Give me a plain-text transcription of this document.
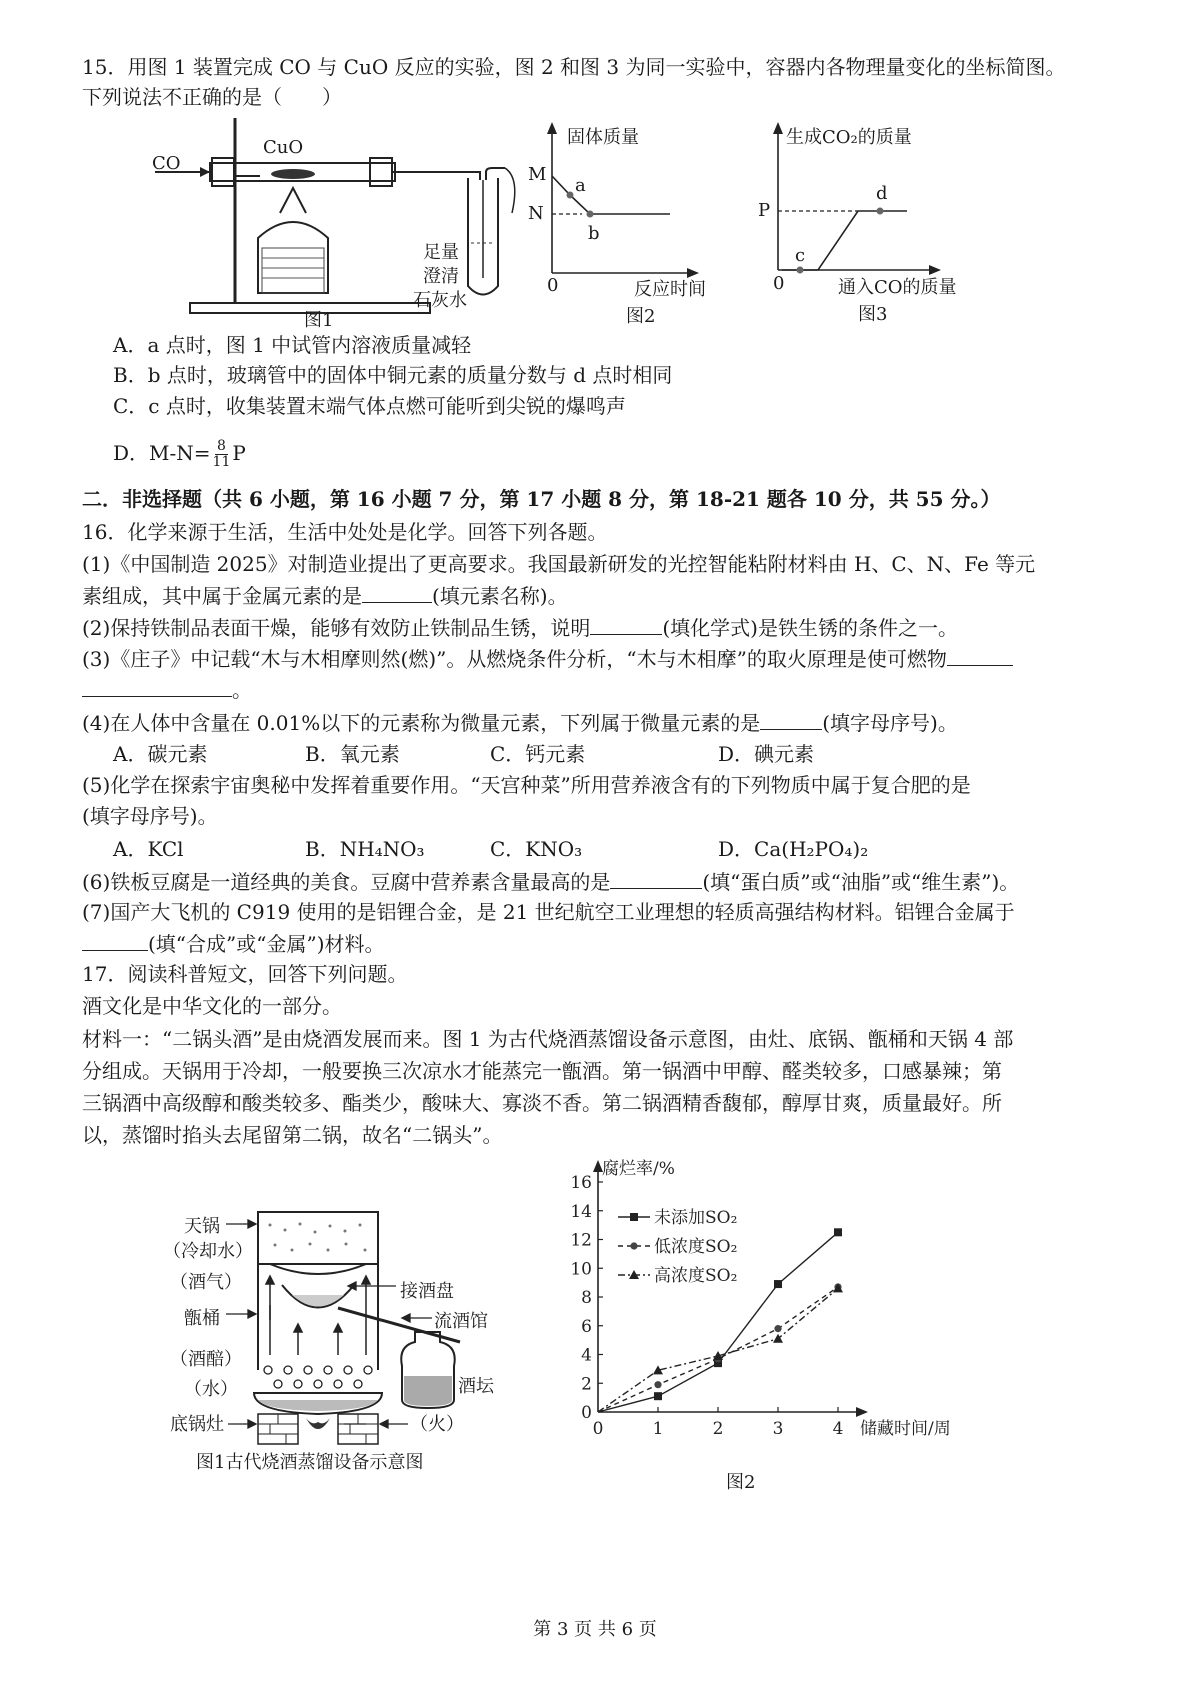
15．用图 1 装置完成 CO 与 CuO 反应的实验，图 2 和图 3 为同一实验中，容器内各物理量变化的坐标简图。
下列说法不正确的是（　　）
CO
CuO
足量
澄清
石灰水
图1
固体质量
M
N
a
b
0	反应时间
图2
生成CO₂的质量
P
c
d
0	通入CO的质量
图3
A．a 点时，图 1 中试管内溶液质量减轻
B．b 点时，玻璃管中的固体中铜元素的质量分数与 d 点时相同
C．c 点时，收集装置末端气体点燃可能听到尖锐的爆鸣声
D．$M-N= \frac{8}{11}$ P
二．非选择题（共 6 小题，第 16 小题 7 分，第 17 小题 8 分，第 18-21 题各 10 分，共 55 分。）
16．化学来源于生活，生活中处处是化学。回答下列各题。
(1)《中国制造 2025》对制造业提出了更高要求。我国最新研发的光控智能粘附材料由 H、C、N、Fe 等元
素组成，其中属于金属元素的是	(填元素名称)。
(2)保持铁制品表面干燥，能够有效防止铁制品生锈，说明	(填化学式)是铁生锈的条件之一。
(3)《庄子》中记载“木与木相摩则然(燃)”。从燃烧条件分析，“木与木相摩”的取火原理是使可燃物
。
(4)在人体中含量在 0.01%以下的元素称为微量元素，下列属于微量元素的是	(填字母序号)。
A．碳元素	B．氧元素	C．钙元素	D．碘元素
(5)化学在探索宇宙奥秘中发挥着重要作用。“天宫种菜”所用营养液含有的下列物质中属于复合肥的是
(填字母序号)。
A．KCl	B．NH₄NO₃	C．KNO₃	D．Ca(H₂PO₄)₂
(6)铁板豆腐是一道经典的美食。豆腐中营养素含量最高的是	(填“蛋白质”或“油脂”或“维生素”)。
(7)国产大飞机的 C919 使用的是铝锂合金，是 21 世纪航空工业理想的轻质高强结构材料。铝锂合金属于
(填“合成”或“金属”)材料。
17．阅读科普短文，回答下列问题。
酒文化是中华文化的一部分。
材料一：“二锅头酒”是由烧酒发展而来。图 1 为古代烧酒蒸馏设备示意图，由灶、底锅、甑桶和天锅 4 部
分组成。天锅用于冷却，一般要换三次凉水才能蒸完一甑酒。第一锅酒中甲醇、醛类较多，口感暴辣；第
三锅酒中高级醇和酸类较多、酯类少，酸味大、寡淡不香。第二锅酒精香馥郁，醇厚甘爽，质量最好。所
以，蒸馏时掐头去尾留第二锅，故名“二锅头”。
天锅
（冷却水）
（酒气）
甑桶
（酒醅）
（水）
底锅灶
接酒盘
流酒馆
酒坛
（火）
图1古代烧酒蒸馏设备示意图
0
2
4
6
8
10
12
14
16
0	1	2	3	4
腐烂率/%
储藏时间/周
未添加SO₂
低浓度SO₂
高浓度SO₂
图2
第 3 页 共 6 页
